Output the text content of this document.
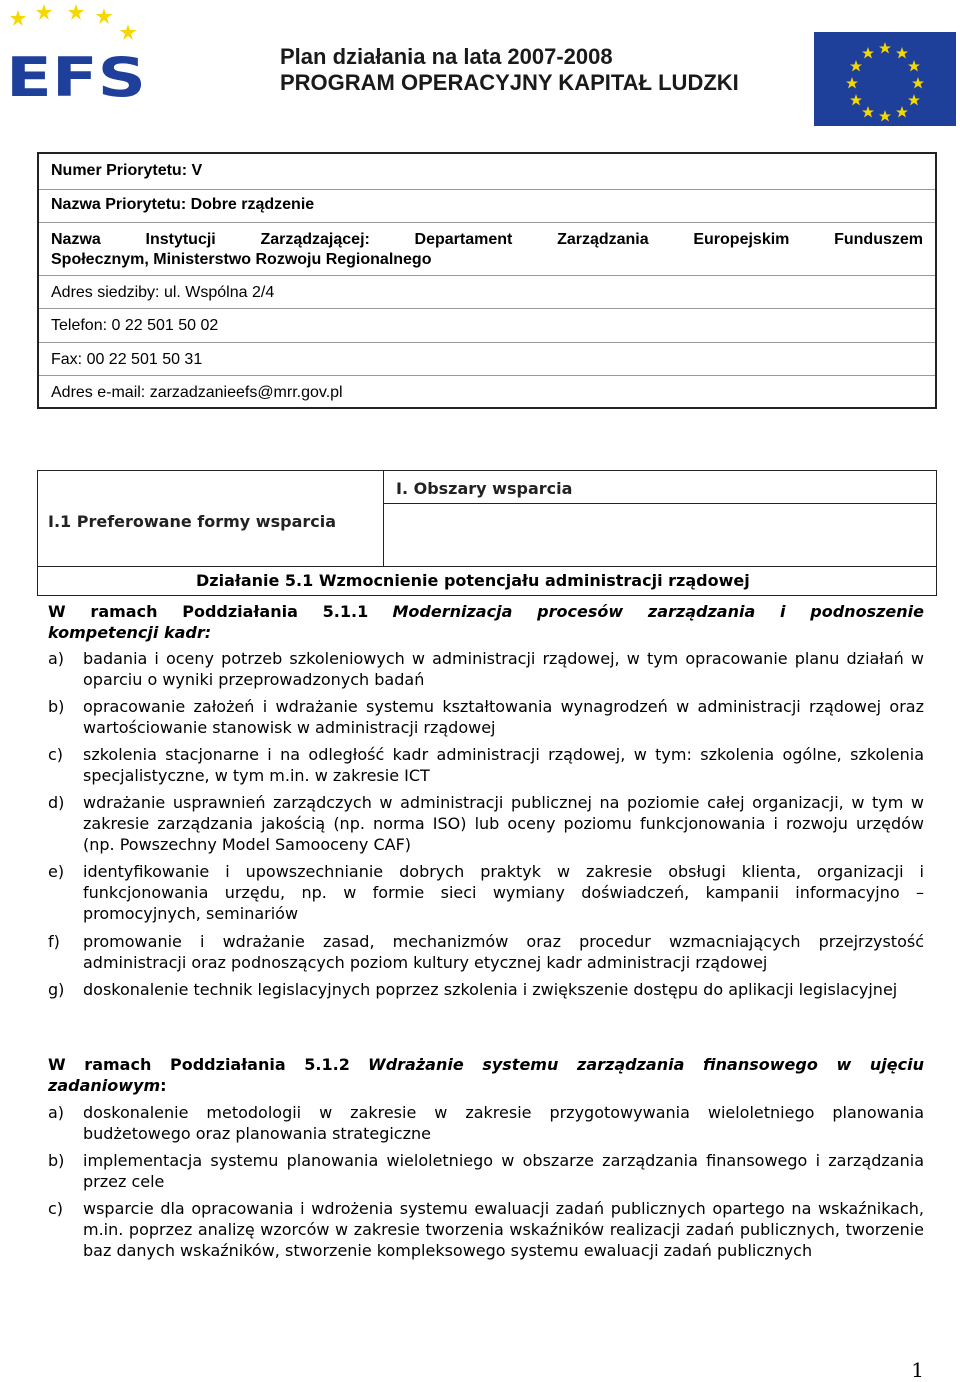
EFS	Plan działania na lata 2007-2008
PROGRAM OPERACYJNY KAPITAŁ LUDZKI
Numer Priorytetu: V
Nazwa Priorytetu: Dobre rządzenie
Nazwa Instytucji Zarządzającej: Departament Zarządzania Europejskim Funduszem
Społecznym, Ministerstwo Rozwoju Regionalnego
Adres siedziby: ul. Wspólna 2/4
Telefon: 0 22 501 50 02
Fax: 00 22 501 50 31
Adres e-mail: zarzadzanieefs@mrr.gov.pl
I. Obszary wsparcia
I.1 Preferowane formy wsparcia
Działanie 5.1 Wzmocnienie potencjału administracji rządowej
W ramach Poddziałania 5.1.1 Modernizacja procesów zarządzania i podnoszenie
kompetencji kadr:
a) badania i oceny potrzeb szkoleniowych w administracji rządowej, w tym opracowanie planu działań w oparciu o wyniki przeprowadzonych badań
b) opracowanie założeń i wdrażanie systemu kształtowania wynagrodzeń w administracji rządowej oraz wartościowanie stanowisk w administracji rządowej
c) szkolenia stacjonarne i na odległość kadr administracji rządowej, w tym: szkolenia ogólne, szkolenia specjalistyczne, w tym m.in. w zakresie ICT
d) wdrażanie usprawnień zarządczych w administracji publicznej na poziomie całej organizacji, w tym w zakresie zarządzania jakością (np. norma ISO) lub oceny poziomu funkcjonowania i rozwoju urzędów (np. Powszechny Model Samooceny CAF)
e) identyfikowanie i upowszechnianie dobrych praktyk w zakresie obsługi klienta, organizacji i funkcjonowania urzędu, np. w formie sieci wymiany doświadczeń, kampanii informacyjno – promocyjnych, seminariów
f) promowanie i wdrażanie zasad, mechanizmów oraz procedur wzmacniających przejrzystość administracji oraz podnoszących poziom kultury etycznej kadr administracji rządowej
g) doskonalenie technik legislacyjnych poprzez szkolenia i zwiększenie dostępu do aplikacji legislacyjnej
W ramach Poddziałania 5.1.2 Wdrażanie systemu zarządzania finansowego w ujęciu
zadaniowym:
a) doskonalenie metodologii w zakresie w zakresie przygotowywania wieloletniego planowania budżetowego oraz planowania strategiczne
b) implementacja systemu planowania wieloletniego w obszarze zarządzania finansowego i zarządzania przez cele
c) wsparcie dla opracowania i wdrożenia systemu ewaluacji zadań publicznych opartego na wskaźnikach, m.in. poprzez analizę wzorców w zakresie tworzenia wskaźników realizacji zadań publicznych, tworzenie baz danych wskaźników, stworzenie kompleksowego systemu ewaluacji zadań publicznych
1
